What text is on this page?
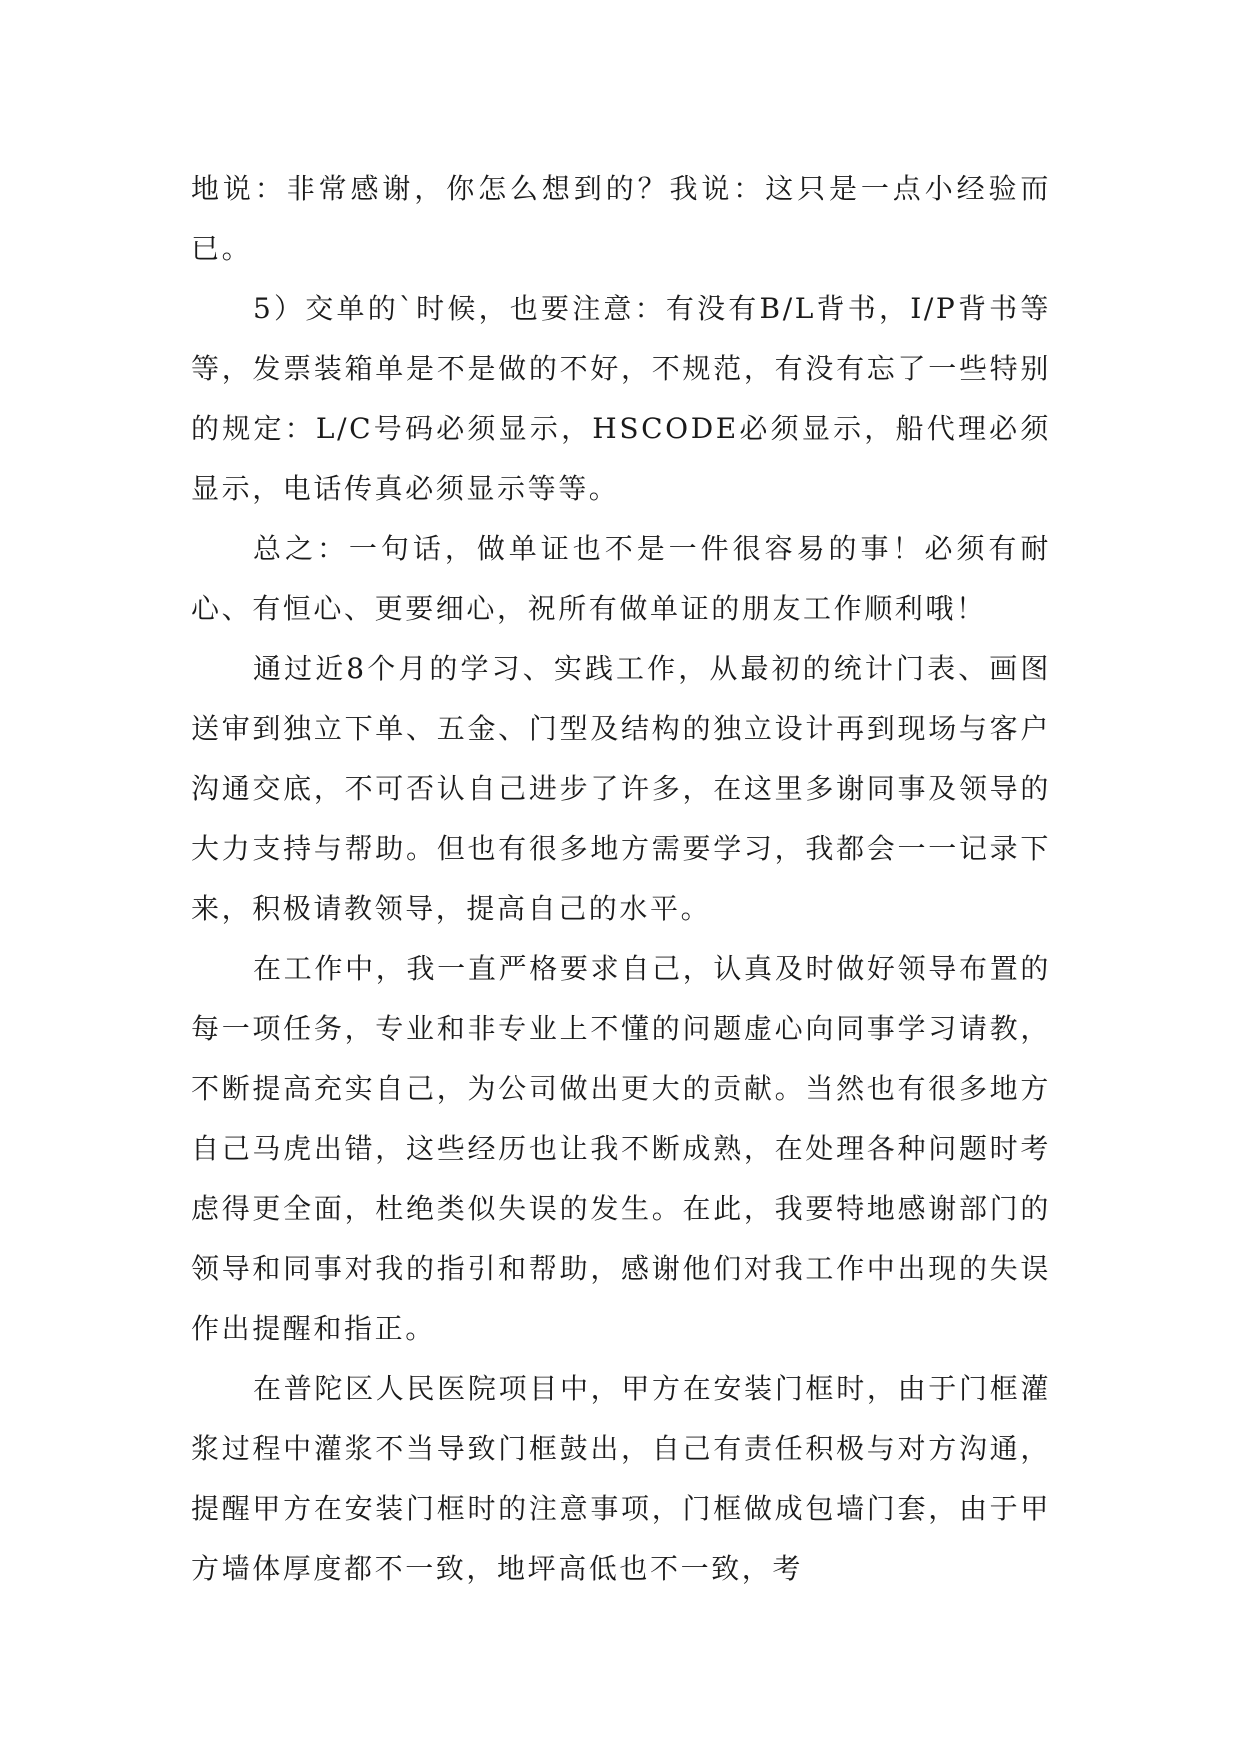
地说：非常感谢，你怎么想到的？我说：这只是一点小经验而已。

5）交单的`时候，也要注意：有没有B/L背书，I/P背书等等，发票装箱单是不是做的不好，不规范，有没有忘了一些特别的规定：L/C号码必须显示，HSCODE必须显示，船代理必须显示，电话传真必须显示等等。

总之：一句话，做单证也不是一件很容易的事！必须有耐心、有恒心、更要细心，祝所有做单证的朋友工作顺利哦！

通过近8个月的学习、实践工作，从最初的统计门表、画图送审到独立下单、五金、门型及结构的独立设计再到现场与客户沟通交底，不可否认自己进步了许多，在这里多谢同事及领导的大力支持与帮助。但也有很多地方需要学习，我都会一一记录下来，积极请教领导，提高自己的水平。

在工作中，我一直严格要求自己，认真及时做好领导布置的每一项任务，专业和非专业上不懂的问题虚心向同事学习请教，不断提高充实自己，为公司做出更大的贡献。当然也有很多地方自己马虎出错，这些经历也让我不断成熟，在处理各种问题时考虑得更全面，杜绝类似失误的发生。在此，我要特地感谢部门的领导和同事对我的指引和帮助，感谢他们对我工作中出现的失误作出提醒和指正。

在普陀区人民医院项目中，甲方在安装门框时，由于门框灌浆过程中灌浆不当导致门框鼓出，自己有责任积极与对方沟通，提醒甲方在安装门框时的注意事项，门框做成包墙门套，由于甲方墙体厚度都不一致，地坪高低也不一致，考
